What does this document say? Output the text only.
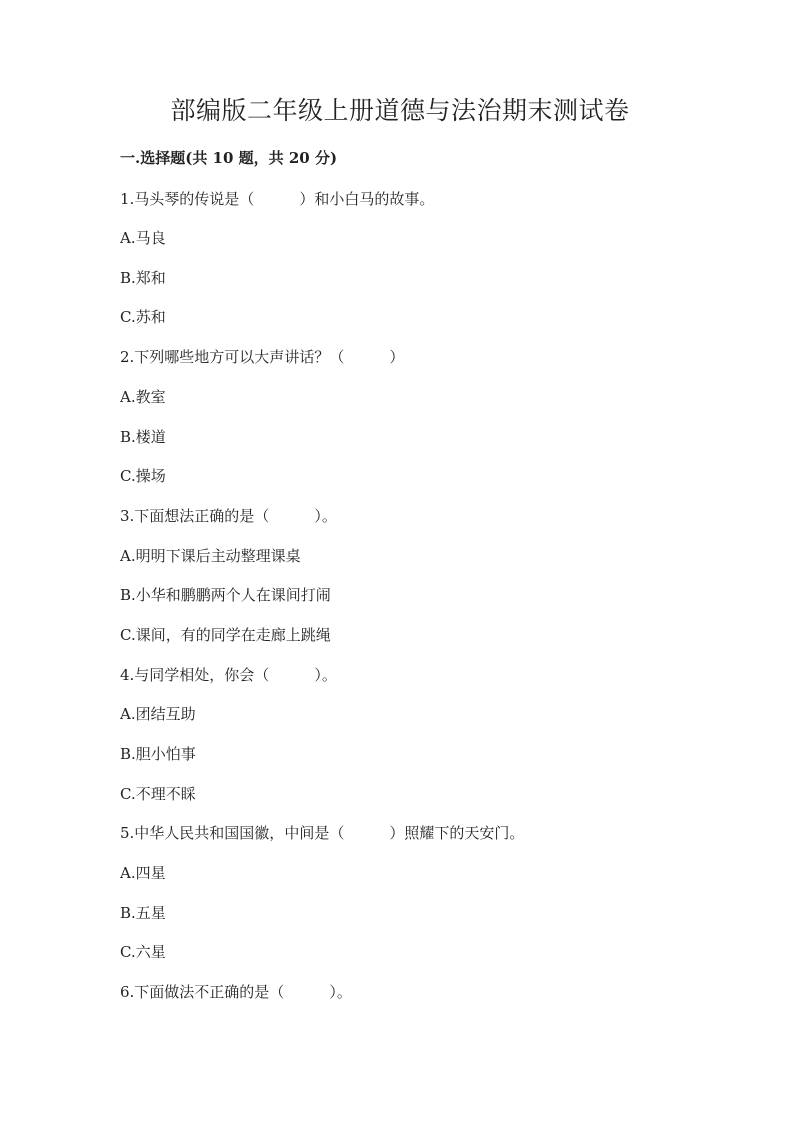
部编版二年级上册道德与法治期末测试卷
一.选择题(共 10 题，共 20 分)
1.马头琴的传说是（　　　）和小白马的故事。
A.马良
B.郑和
C.苏和
2.下列哪些地方可以大声讲话？（　　　）
A.教室
B.楼道
C.操场
3.下面想法正确的是（　　　）。
A.明明下课后主动整理课桌
B.小华和鹏鹏两个人在课间打闹
C.课间，有的同学在走廊上跳绳
4.与同学相处，你会（　　　）。
A.团结互助
B.胆小怕事
C.不理不睬
5.中华人民共和国国徽，中间是（　　　）照耀下的天安门。
A.四星
B.五星
C.六星
6.下面做法不正确的是（　　　）。
